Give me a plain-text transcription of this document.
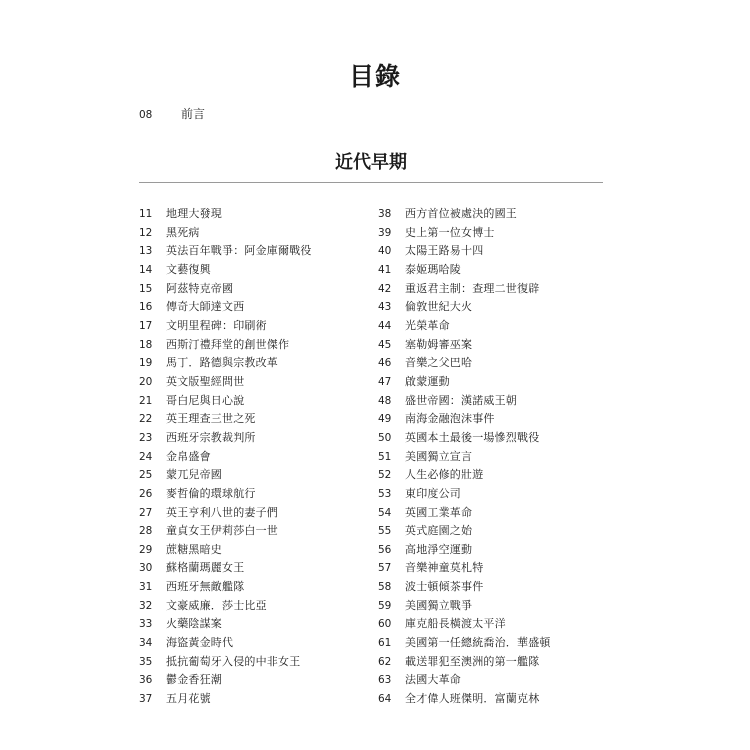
目錄
08 前言
近代早期
11 地理大發現
12 黑死病
13 英法百年戰爭：阿金庫爾戰役
14 文藝復興
15 阿茲特克帝國
16 傳奇大師達文西
17 文明里程碑：印刷術
18 西斯汀禮拜堂的創世傑作
19 馬丁．路德與宗教改革
20 英文版聖經問世
21 哥白尼與日心說
22 英王理查三世之死
23 西班牙宗教裁判所
24 金帛盛會
25 蒙兀兒帝國
26 麥哲倫的環球航行
27 英王亨利八世的妻子們
28 童貞女王伊莉莎白一世
29 蔗糖黑暗史
30 蘇格蘭瑪麗女王
31 西班牙無敵艦隊
32 文豪威廉．莎士比亞
33 火藥陰謀案
34 海盜黃金時代
35 抵抗葡萄牙入侵的中非女王
36 鬱金香狂潮
37 五月花號
38 西方首位被處決的國王
39 史上第一位女博士
40 太陽王路易十四
41 泰姬瑪哈陵
42 重返君主制：查理二世復辟
43 倫敦世紀大火
44 光榮革命
45 塞勒姆審巫案
46 音樂之父巴哈
47 啟蒙運動
48 盛世帝國：漢諾威王朝
49 南海金融泡沫事件
50 英國本土最後一場慘烈戰役
51 美國獨立宣言
52 人生必修的壯遊
53 東印度公司
54 英國工業革命
55 英式庭園之始
56 高地淨空運動
57 音樂神童莫札特
58 波士頓傾茶事件
59 美國獨立戰爭
60 庫克船長橫渡太平洋
61 美國第一任總統喬治．華盛頓
62 載送罪犯至澳洲的第一艦隊
63 法國大革命
64 全才偉人班傑明．富蘭克林
